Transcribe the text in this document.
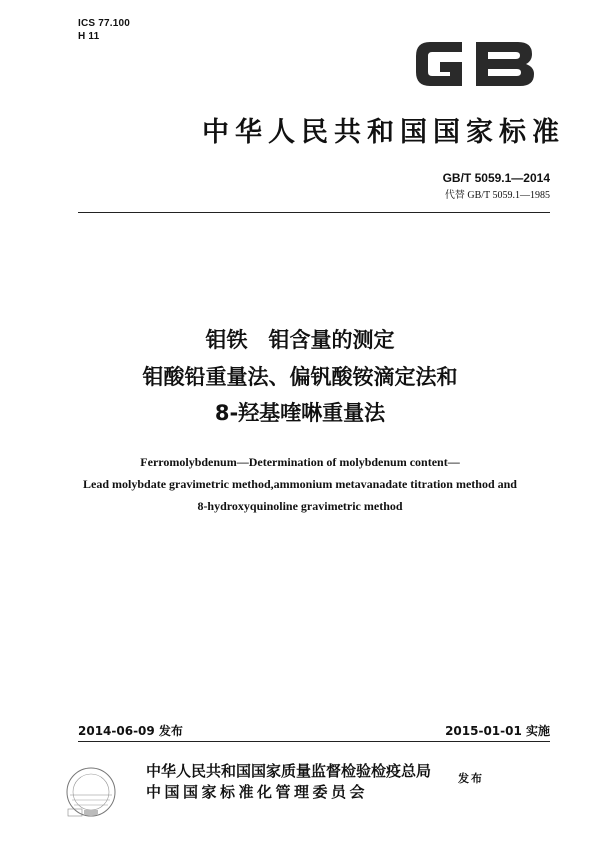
ICS 77.100
H 11
中华人民共和国国家标准
GB/T 5059.1—2014
代替 GB/T 5059.1—1985
钼铁　钼含量的测定
钼酸铅重量法、偏钒酸铵滴定法和
8-羟基喹啉重量法
Ferromolybdenum—Determination of molybdenum content—
Lead molybdate gravimetric method,ammonium metavanadate titration method and
8-hydroxyquinoline gravimetric method
2014-06-09 发布	2015-01-01 实施
中华人民共和国国家质量监督检验检疫总局
中国国家标准化管理委员会
发布
